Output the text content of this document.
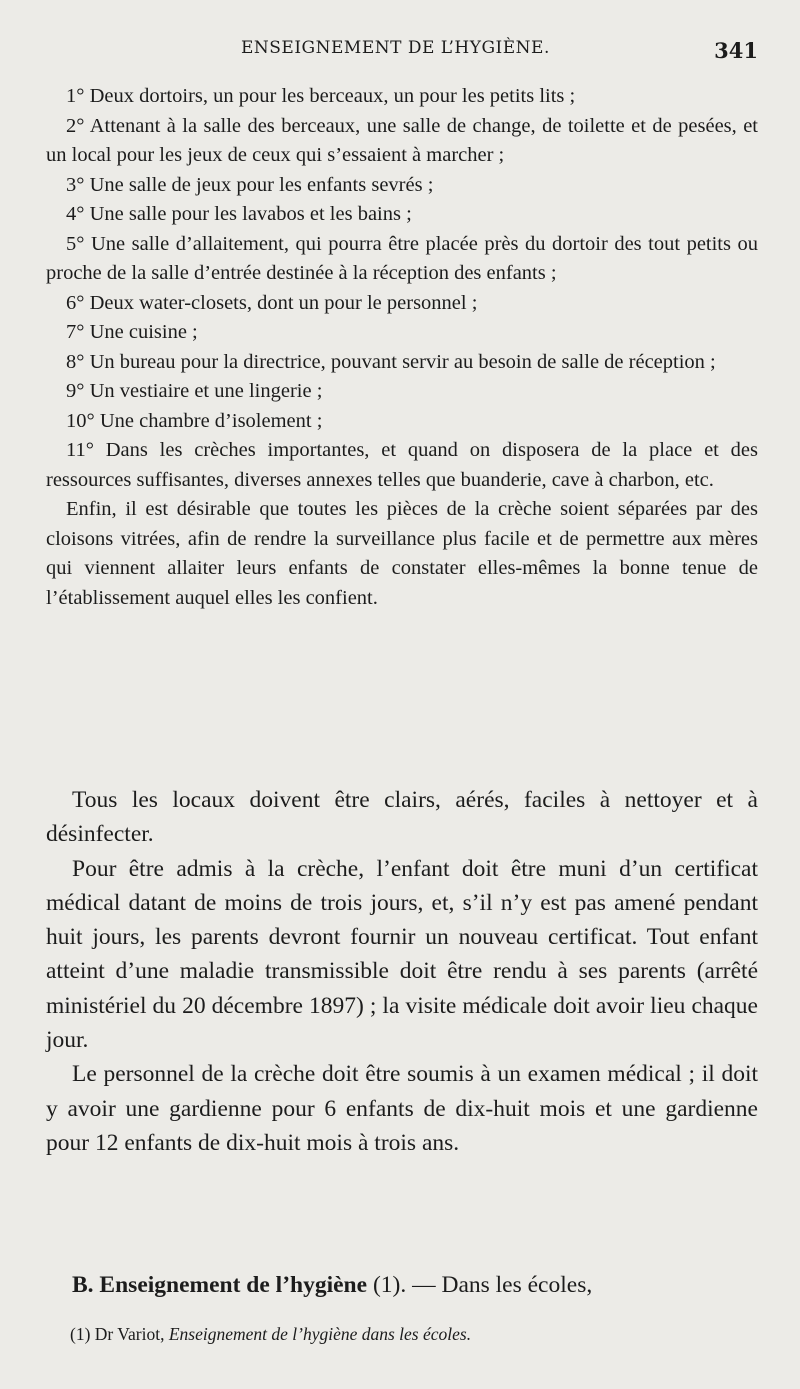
ENSEIGNEMENT DE L’HYGIÈNE.	341

1° Deux dortoirs, un pour les berceaux, un pour les petits lits ;

2° Attenant à la salle des berceaux, une salle de change, de toilette et de pesées, et un local pour les jeux de ceux qui s’essaient à marcher ;

3° Une salle de jeux pour les enfants sevrés ;

4° Une salle pour les lavabos et les bains ;

5° Une salle d’allaitement, qui pourra être placée près du dortoir des tout petits ou proche de la salle d’entrée destinée à la réception des enfants ;

6° Deux water-closets, dont un pour le personnel ;

7° Une cuisine ;

8° Un bureau pour la directrice, pouvant servir au besoin de salle de réception ;

9° Un vestiaire et une lingerie ;

10° Une chambre d’isolement ;

11° Dans les crèches importantes, et quand on disposera de la place et des ressources suffisantes, diverses annexes telles que buanderie, cave à charbon, etc.

Enfin, il est désirable que toutes les pièces de la crèche soient séparées par des cloisons vitrées, afin de rendre la surveillance plus facile et de permettre aux mères qui viennent allaiter leurs enfants de constater elles-mêmes la bonne tenue de l’établissement auquel elles les confient.

Tous les locaux doivent être clairs, aérés, faciles à nettoyer et à désinfecter.

Pour être admis à la crèche, l’enfant doit être muni d’un certificat médical datant de moins de trois jours, et, s’il n’y est pas amené pendant huit jours, les parents devront fournir un nouveau certificat. Tout enfant atteint d’une maladie transmissible doit être rendu à ses parents (arrêté ministériel du 20 décembre 1897) ; la visite médicale doit avoir lieu chaque jour.

Le personnel de la crèche doit être soumis à un examen médical ; il doit y avoir une gardienne pour 6 enfants de dix-huit mois et une gardienne pour 12 enfants de dix-huit mois à trois ans.

B. Enseignement de l’hygiène (1). — Dans les écoles,
(1) Dr Variot, Enseignement de l’hygiène dans les écoles.
